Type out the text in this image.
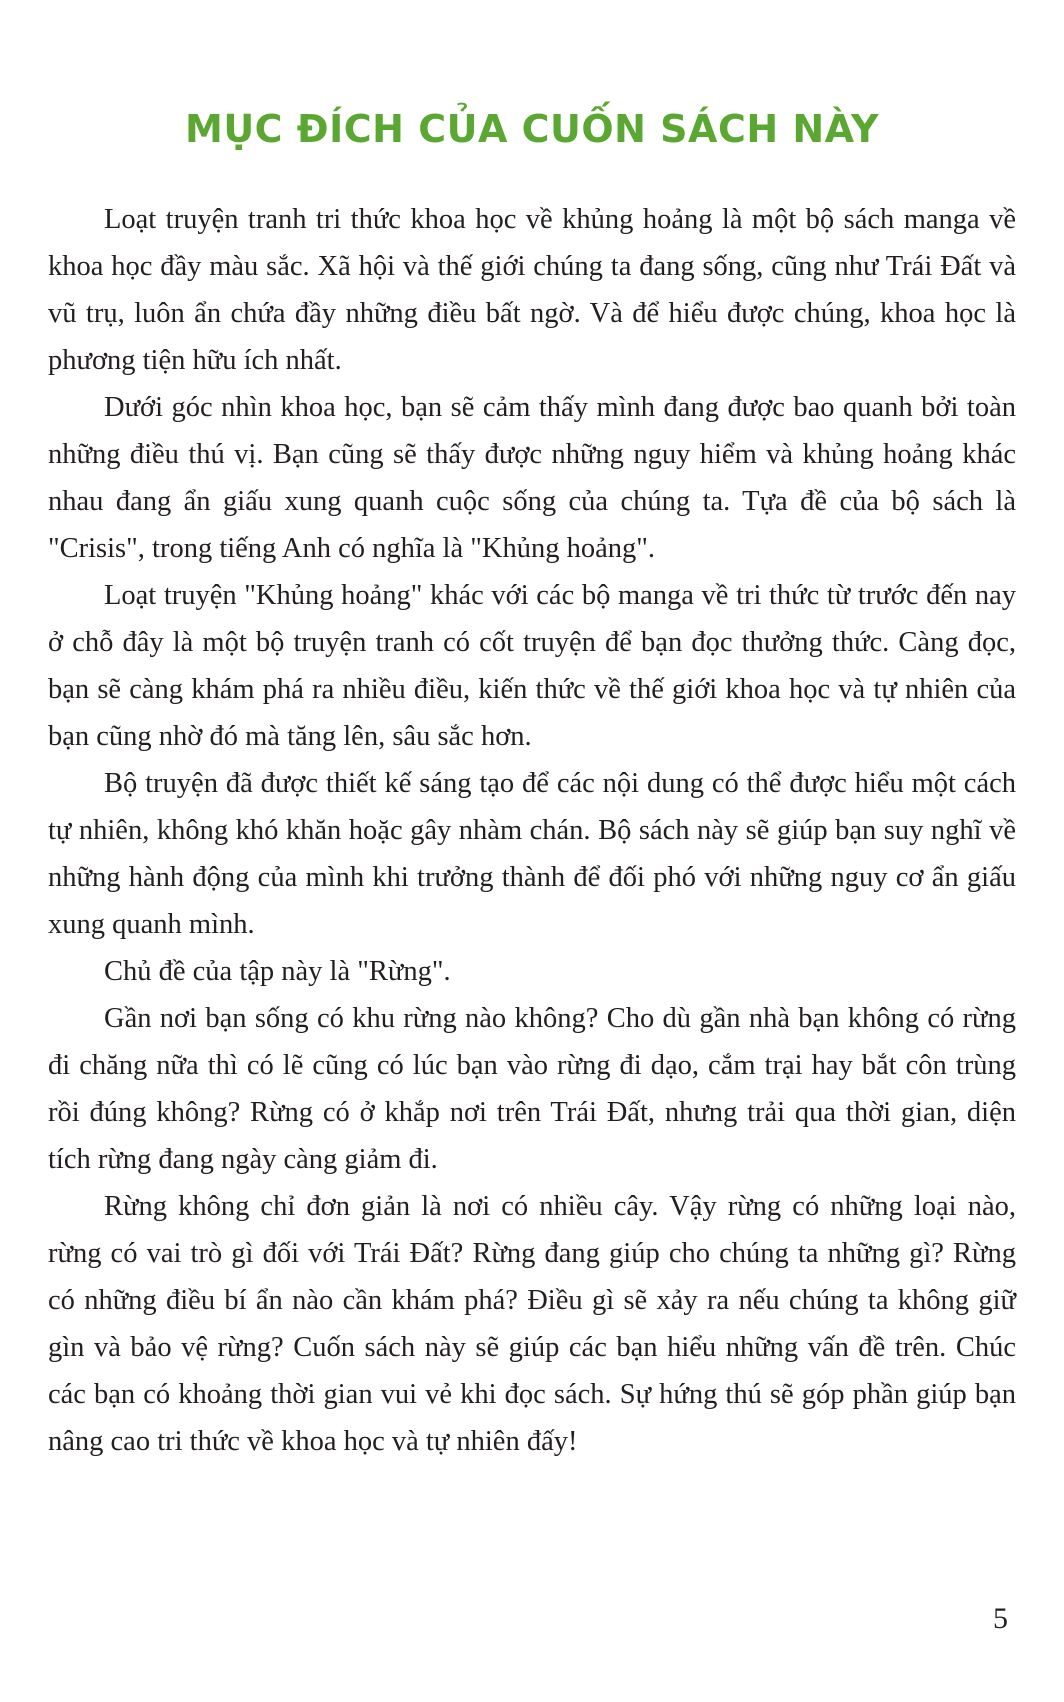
MỤC ĐÍCH CỦA CUỐN SÁCH NÀY

Loạt truyện tranh tri thức khoa học về khủng hoảng là một bộ sách manga về khoa học đầy màu sắc. Xã hội và thế giới chúng ta đang sống, cũng như Trái Đất và vũ trụ, luôn ẩn chứa đầy những điều bất ngờ. Và để hiểu được chúng, khoa học là phương tiện hữu ích nhất.

Dưới góc nhìn khoa học, bạn sẽ cảm thấy mình đang được bao quanh bởi toàn những điều thú vị. Bạn cũng sẽ thấy được những nguy hiểm và khủng hoảng khác nhau đang ẩn giấu xung quanh cuộc sống của chúng ta. Tựa đề của bộ sách là "Crisis", trong tiếng Anh có nghĩa là "Khủng hoảng".

Loạt truyện "Khủng hoảng" khác với các bộ manga về tri thức từ trước đến nay ở chỗ đây là một bộ truyện tranh có cốt truyện để bạn đọc thưởng thức. Càng đọc, bạn sẽ càng khám phá ra nhiều điều, kiến thức về thế giới khoa học và tự nhiên của bạn cũng nhờ đó mà tăng lên, sâu sắc hơn.

Bộ truyện đã được thiết kế sáng tạo để các nội dung có thể được hiểu một cách tự nhiên, không khó khăn hoặc gây nhàm chán. Bộ sách này sẽ giúp bạn suy nghĩ về những hành động của mình khi trưởng thành để đối phó với những nguy cơ ẩn giấu xung quanh mình.

Chủ đề của tập này là "Rừng".

Gần nơi bạn sống có khu rừng nào không? Cho dù gần nhà bạn không có rừng đi chăng nữa thì có lẽ cũng có lúc bạn vào rừng đi dạo, cắm trại hay bắt côn trùng rồi đúng không? Rừng có ở khắp nơi trên Trái Đất, nhưng trải qua thời gian, diện tích rừng đang ngày càng giảm đi.

Rừng không chỉ đơn giản là nơi có nhiều cây. Vậy rừng có những loại nào, rừng có vai trò gì đối với Trái Đất? Rừng đang giúp cho chúng ta những gì? Rừng có những điều bí ẩn nào cần khám phá? Điều gì sẽ xảy ra nếu chúng ta không giữ gìn và bảo vệ rừng? Cuốn sách này sẽ giúp các bạn hiểu những vấn đề trên. Chúc các bạn có khoảng thời gian vui vẻ khi đọc sách. Sự hứng thú sẽ góp phần giúp bạn nâng cao tri thức về khoa học và tự nhiên đấy!

5
